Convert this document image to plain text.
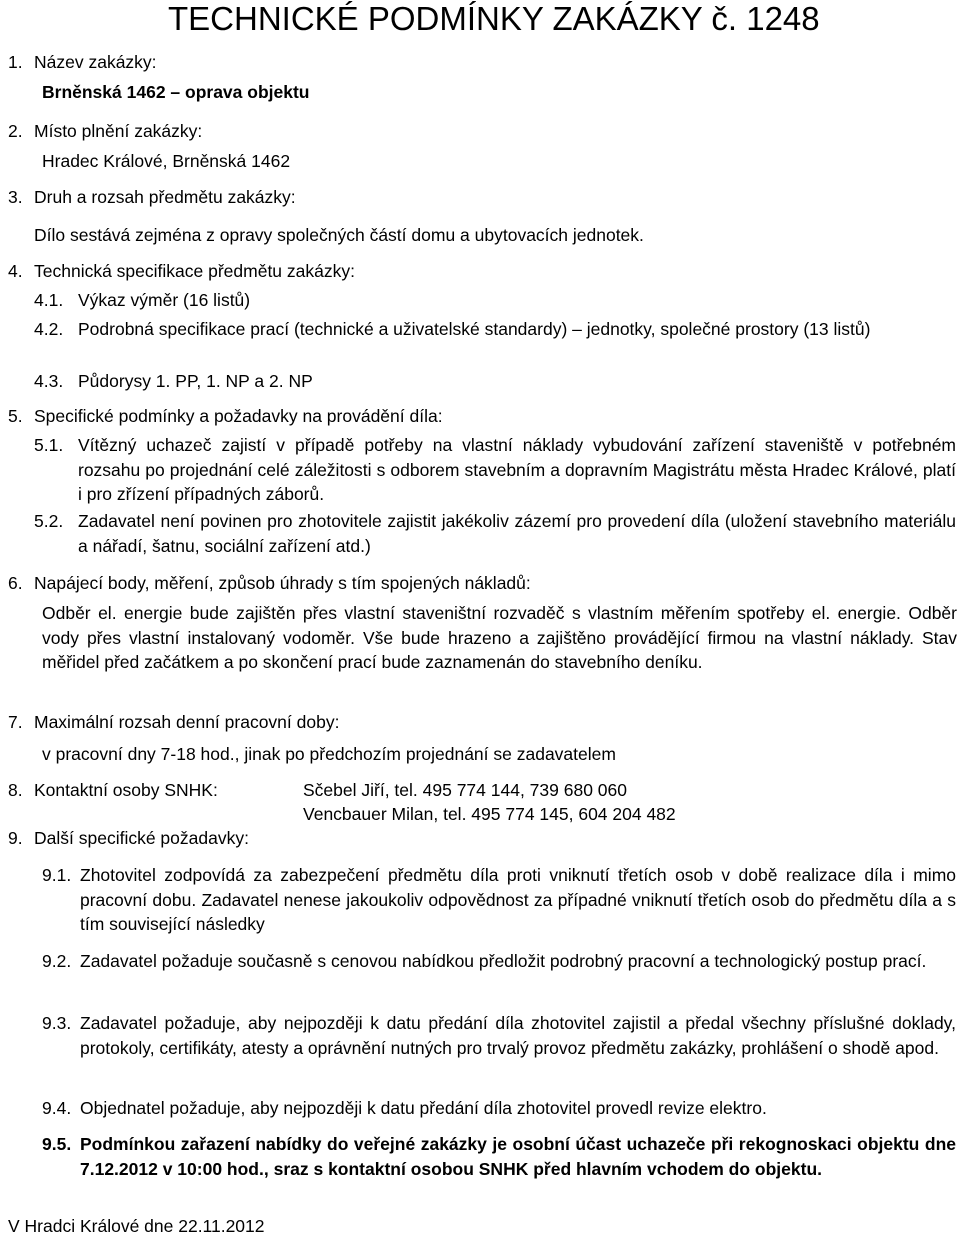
TECHNICKÉ PODMÍNKY ZAKÁZKY č. 1248
1. Název zakázky:
Brněnská 1462 – oprava objektu
2. Místo plnění zakázky:
Hradec Králové, Brněnská 1462
3. Druh a rozsah předmětu zakázky:
Dílo sestává zejména z opravy společných částí domu a ubytovacích jednotek.
4. Technická specifikace předmětu zakázky:
4.1. Výkaz výměr (16 listů)
4.2. Podrobná specifikace prací (technické a uživatelské standardy) – jednotky, společné prostory (13 listů)
4.3. Půdorysy 1. PP, 1. NP a 2. NP
5. Specifické podmínky a požadavky na provádění díla:
5.1. Vítězný uchazeč zajistí v případě potřeby na vlastní náklady vybudování zařízení staveniště v potřebném rozsahu po projednání celé záležitosti s odborem stavebním a dopravním Magistrátu města Hradec Králové, platí i pro zřízení případných záborů.
5.2. Zadavatel není povinen pro zhotovitele zajistit jakékoliv zázemí pro provedení díla (uložení stavebního materiálu a nářadí, šatnu, sociální zařízení atd.)
6. Napájecí body, měření, způsob úhrady s tím spojených nákladů:
Odběr el. energie bude zajištěn přes vlastní staveništní rozvaděč s vlastním měřením spotřeby el. energie. Odběr vody přes vlastní instalovaný vodoměr. Vše bude hrazeno a zajištěno provádějící firmou na vlastní náklady. Stav měřidel před začátkem a po skončení prací bude zaznamenán do stavebního deníku.
7. Maximální rozsah denní pracovní doby:
v pracovní dny 7-18 hod., jinak po předchozím projednání se zadavatelem
8. Kontaktní osoby SNHK:	Sčebel Jiří, tel. 495 774 144, 739 680 060
Vencbauer Milan, tel. 495 774 145, 604 204 482
9. Další specifické požadavky:
9.1. Zhotovitel zodpovídá za zabezpečení předmětu díla proti vniknutí třetích osob v době realizace díla i mimo pracovní dobu. Zadavatel nenese jakoukoliv odpovědnost za případné vniknutí třetích osob do předmětu díla a s tím související následky
9.2. Zadavatel požaduje současně s cenovou nabídkou předložit podrobný pracovní a technologický postup prací.
9.3. Zadavatel požaduje, aby nejpozději k datu předání díla zhotovitel zajistil a předal všechny příslušné doklady, protokoly, certifikáty, atesty a oprávnění nutných pro trvalý provoz předmětu zakázky, prohlášení o shodě apod.
9.4. Objednatel požaduje, aby nejpozději k datu předání díla zhotovitel provedl revize elektro.
9.5. Podmínkou zařazení nabídky do veřejné zakázky je osobní účast uchazeče při rekognoskaci objektu dne 7.12.2012 v 10:00 hod., sraz s kontaktní osobou SNHK před hlavním vchodem do objektu.
V Hradci Králové dne 22.11.2012
